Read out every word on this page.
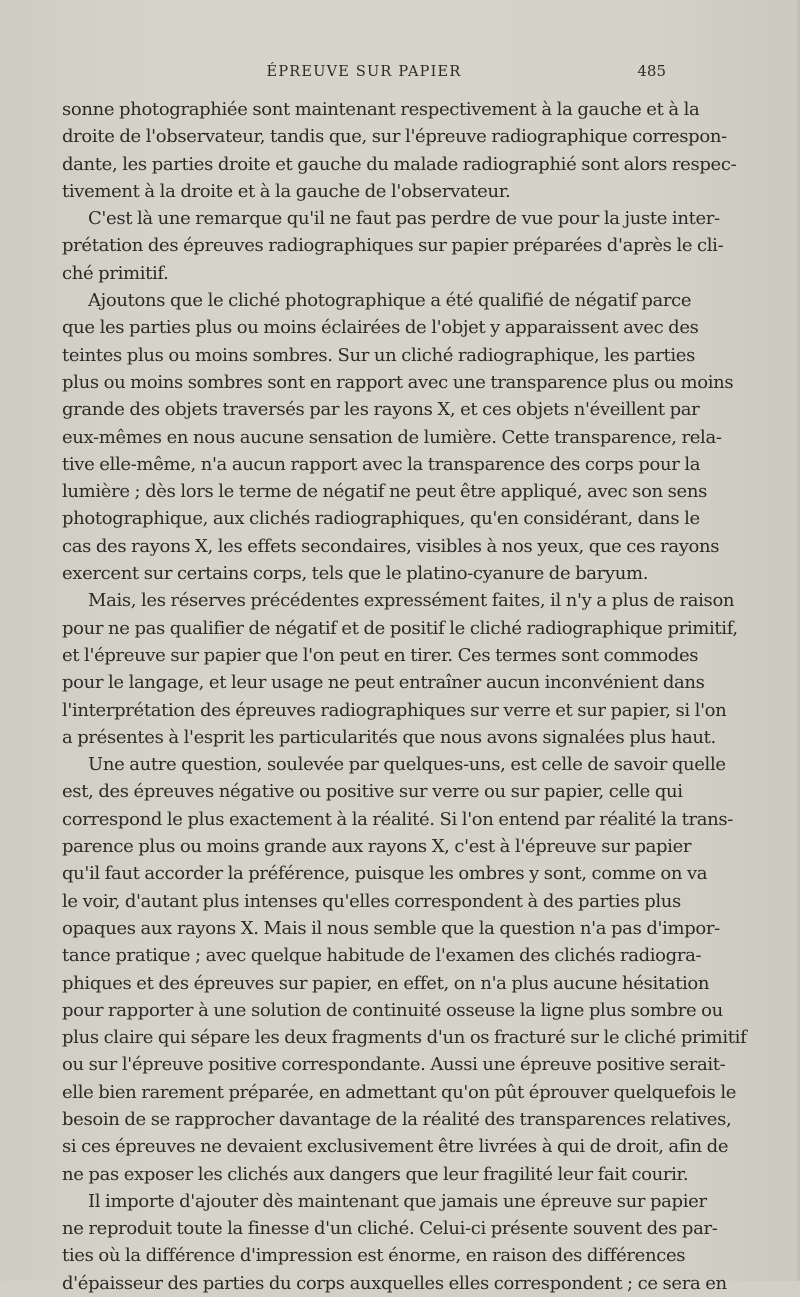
ÉPREUVE SUR PAPIER	485

sonne photographiée sont maintenant respectivement à la gauche et à la
droite de l'observateur, tandis que, sur l'épreuve radiographique correspon-
dante, les parties droite et gauche du malade radiographié sont alors respec-
tivement à la droite et à la gauche de l'observateur.

C'est là une remarque qu'il ne faut pas perdre de vue pour la juste inter-
prétation des épreuves radiographiques sur papier préparées d'après le cli-
ché primitif.

Ajoutons que le cliché photographique a été qualifié de négatif parce
que les parties plus ou moins éclairées de l'objet y apparaissent avec des
teintes plus ou moins sombres. Sur un cliché radiographique, les parties
plus ou moins sombres sont en rapport avec une transparence plus ou moins
grande des objets traversés par les rayons X, et ces objets n'éveillent par
eux-mêmes en nous aucune sensation de lumière. Cette transparence, rela-
tive elle-même, n'a aucun rapport avec la transparence des corps pour la
lumière ; dès lors le terme de négatif ne peut être appliqué, avec son sens
photographique, aux clichés radiographiques, qu'en considérant, dans le
cas des rayons X, les effets secondaires, visibles à nos yeux, que ces rayons
exercent sur certains corps, tels que le platino-cyanure de baryum.

Mais, les réserves précédentes expressément faites, il n'y a plus de raison
pour ne pas qualifier de négatif et de positif le cliché radiographique primitif,
et l'épreuve sur papier que l'on peut en tirer. Ces termes sont commodes
pour le langage, et leur usage ne peut entraîner aucun inconvénient dans
l'interprétation des épreuves radiographiques sur verre et sur papier, si l'on
a présentes à l'esprit les particularités que nous avons signalées plus haut.

Une autre question, soulevée par quelques-uns, est celle de savoir quelle
est, des épreuves négative ou positive sur verre ou sur papier, celle qui
correspond le plus exactement à la réalité. Si l'on entend par réalité la trans-
parence plus ou moins grande aux rayons X, c'est à l'épreuve sur papier
qu'il faut accorder la préférence, puisque les ombres y sont, comme on va
le voir, d'autant plus intenses qu'elles correspondent à des parties plus
opaques aux rayons X. Mais il nous semble que la question n'a pas d'impor-
tance pratique ; avec quelque habitude de l'examen des clichés radiogra-
phiques et des épreuves sur papier, en effet, on n'a plus aucune hésitation
pour rapporter à une solution de continuité osseuse la ligne plus sombre ou
plus claire qui sépare les deux fragments d'un os fracturé sur le cliché primitif
ou sur l'épreuve positive correspondante. Aussi une épreuve positive serait-
elle bien rarement préparée, en admettant qu'on pût éprouver quelquefois le
besoin de se rapprocher davantage de la réalité des transparences relatives,
si ces épreuves ne devaient exclusivement être livrées à qui de droit, afin de
ne pas exposer les clichés aux dangers que leur fragilité leur fait courir.

Il importe d'ajouter dès maintenant que jamais une épreuve sur papier
ne reproduit toute la finesse d'un cliché. Celui-ci présente souvent des par-
ties où la différence d'impression est énorme, en raison des différences
d'épaisseur des parties du corps auxquelles elles correspondent ; ce sera en
